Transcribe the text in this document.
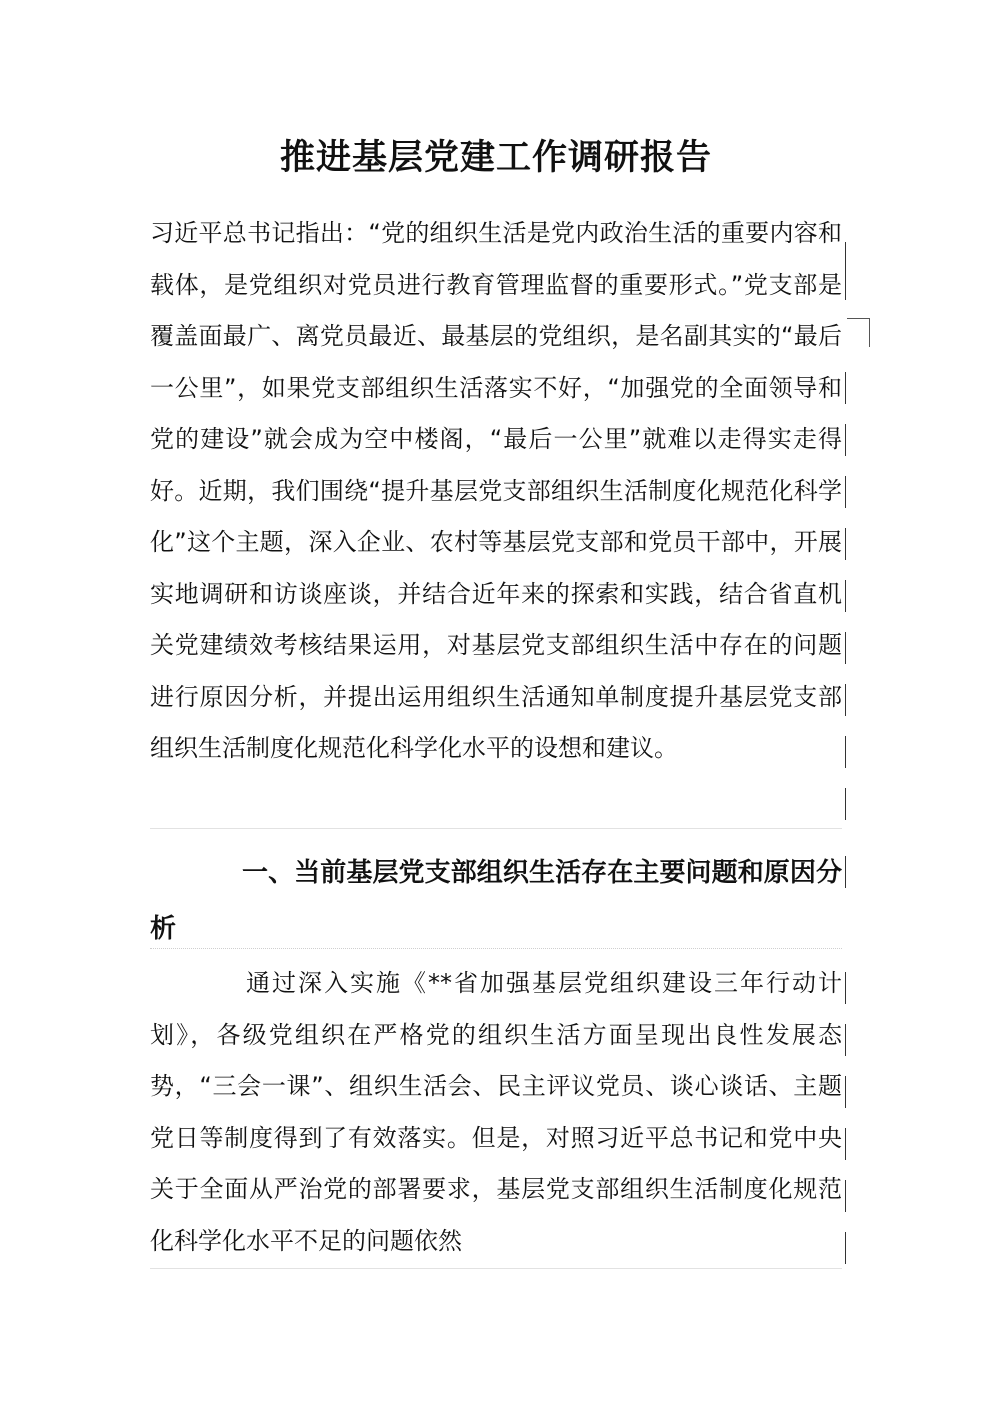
推进基层党建工作调研报告

习近平总书记指出：“党的组织生活是党内政治生活的重要内容和载体，是党组织对党员进行教育管理监督的重要形式。”党支部是覆盖面最广、离党员最近、最基层的党组织，是名副其实的“最后一公里”，如果党支部组织生活落实不好，“加强党的全面领导和党的建设”就会成为空中楼阁，“最后一公里”就难以走得实走得好。近期，我们围绕“提升基层党支部组织生活制度化规范化科学化”这个主题，深入企业、农村等基层党支部和党员干部中，开展实地调研和访谈座谈，并结合近年来的探索和实践，结合省直机关党建绩效考核结果运用，对基层党支部组织生活中存在的问题进行原因分析，并提出运用组织生活通知单制度提升基层党支部组织生活制度化规范化科学化水平的设想和建议。

一、当前基层党支部组织生活存在主要问题和原因分析

通过深入实施《**省加强基层党组织建设三年行动计划》，各级党组织在严格党的组织生活方面呈现出良性发展态势，“三会一课”、组织生活会、民主评议党员、谈心谈话、主题党日等制度得到了有效落实。但是，对照习近平总书记和党中央关于全面从严治党的部署要求，基层党支部组织生活制度化规范化科学化水平不足的问题依然
